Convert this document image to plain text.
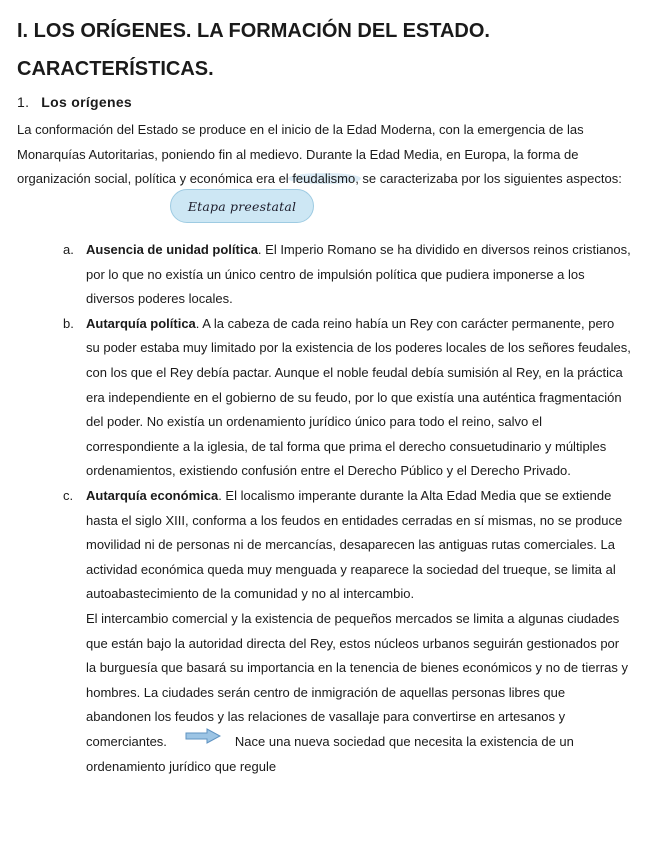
I. LOS ORÍGENES. LA FORMACIÓN DEL ESTADO. CARACTERÍSTICAS.
1. Los orígenes

La conformación del Estado se produce en el inicio de la Edad Moderna, con la emergencia de las Monarquías Autoritarias, poniendo fin al medievo. Durante la Edad Media, en Europa, la forma de organización social, política y económica era el feudalismo, se caracterizaba por los siguientes aspectos:

Etapa preestatal
a. Ausencia de unidad política. El Imperio Romano se ha dividido en diversos reinos cristianos, por lo que no existía un único centro de impulsión política que pudiera imponerse a los diversos poderes locales.

b. Autarquía política. A la cabeza de cada reino había un Rey con carácter permanente, pero su poder estaba muy limitado por la existencia de los poderes locales de los señores feudales, con los que el Rey debía pactar. Aunque el noble feudal debía sumisión al Rey, en la práctica era independiente en el gobierno de su feudo, por lo que existía una auténtica fragmentación del poder. No existía un ordenamiento jurídico único para todo el reino, salvo el correspondiente a la iglesia, de tal forma que prima el derecho consuetudinario y múltiples ordenamientos, existiendo confusión entre el Derecho Público y el Derecho Privado.

c. Autarquía económica. El localismo imperante durante la Alta Edad Media que se extiende hasta el siglo XIII, conforma a los feudos en entidades cerradas en sí mismas, no se produce movilidad ni de personas ni de mercancías, desaparecen las antiguas rutas comerciales. La actividad económica queda muy menguada y reaparece la sociedad del trueque, se limita al autoabastecimiento de la comunidad y no al intercambio.

El intercambio comercial y la existencia de pequeños mercados se limita a algunas ciudades que están bajo la autoridad directa del Rey, estos núcleos urbanos seguirán gestionados por la burguesía que basará su importancia en la tenencia de bienes económicos y no de tierras y hombres. La ciudades serán centro de inmigración de aquellas personas libres que abandonen los feudos y las relaciones de vasallaje para convertirse en artesanos y comerciantes.	Nace una nueva sociedad que necesita la existencia de un ordenamiento jurídico que regule
